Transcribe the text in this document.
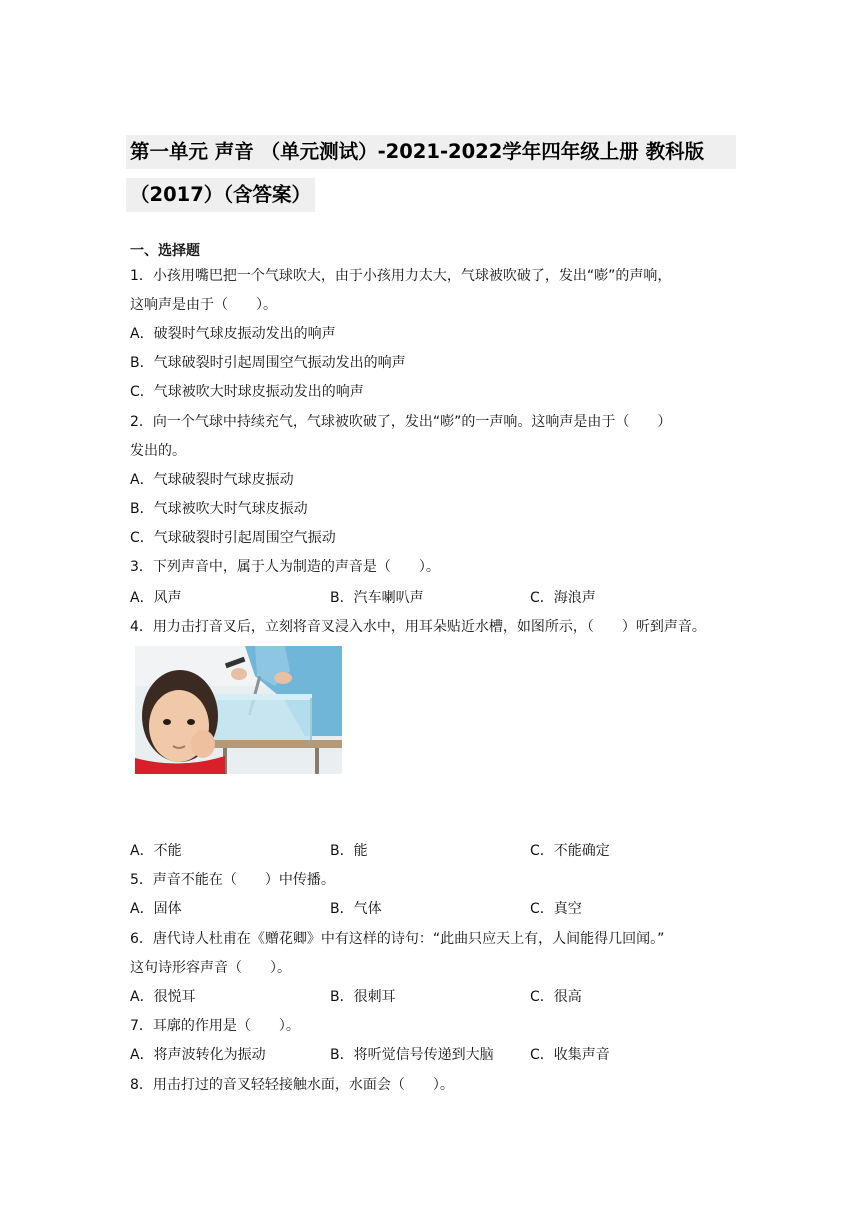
第一单元 声音 （单元测试）-2021-2022学年四年级上册 教科版
（2017）（含答案）
一、选择题
1．小孩用嘴巴把一个气球吹大，由于小孩用力太大，气球被吹破了，发出“嘭”的声响，
这响声是由于（　　）。
A．破裂时气球皮振动发出的响声
B．气球破裂时引起周围空气振动发出的响声
C．气球被吹大时球皮振动发出的响声
2．向一个气球中持续充气，气球被吹破了，发出“嘭”的一声响。这响声是由于（　　）
发出的。
A．气球破裂时气球皮振动
B．气球被吹大时气球皮振动
C．气球破裂时引起周围空气振动
3．下列声音中，属于人为制造的声音是（　　）。
A．风声	B．汽车喇叭声	C．海浪声
4．用力击打音叉后，立刻将音叉浸入水中，用耳朵贴近水槽，如图所示，（　　）听到声音。
A．不能	B．能	C．不能确定
5．声音不能在（　　）中传播。
A．固体	B．气体	C．真空
6．唐代诗人杜甫在《赠花卿》中有这样的诗句：“此曲只应天上有，人间能得几回闻。”
这句诗形容声音（　　）。
A．很悦耳	B．很刺耳	C．很高
7．耳廓的作用是（　　）。
A．将声波转化为振动	B．将听觉信号传递到大脑	C．收集声音
8．用击打过的音叉轻轻接触水面，水面会（　　）。
